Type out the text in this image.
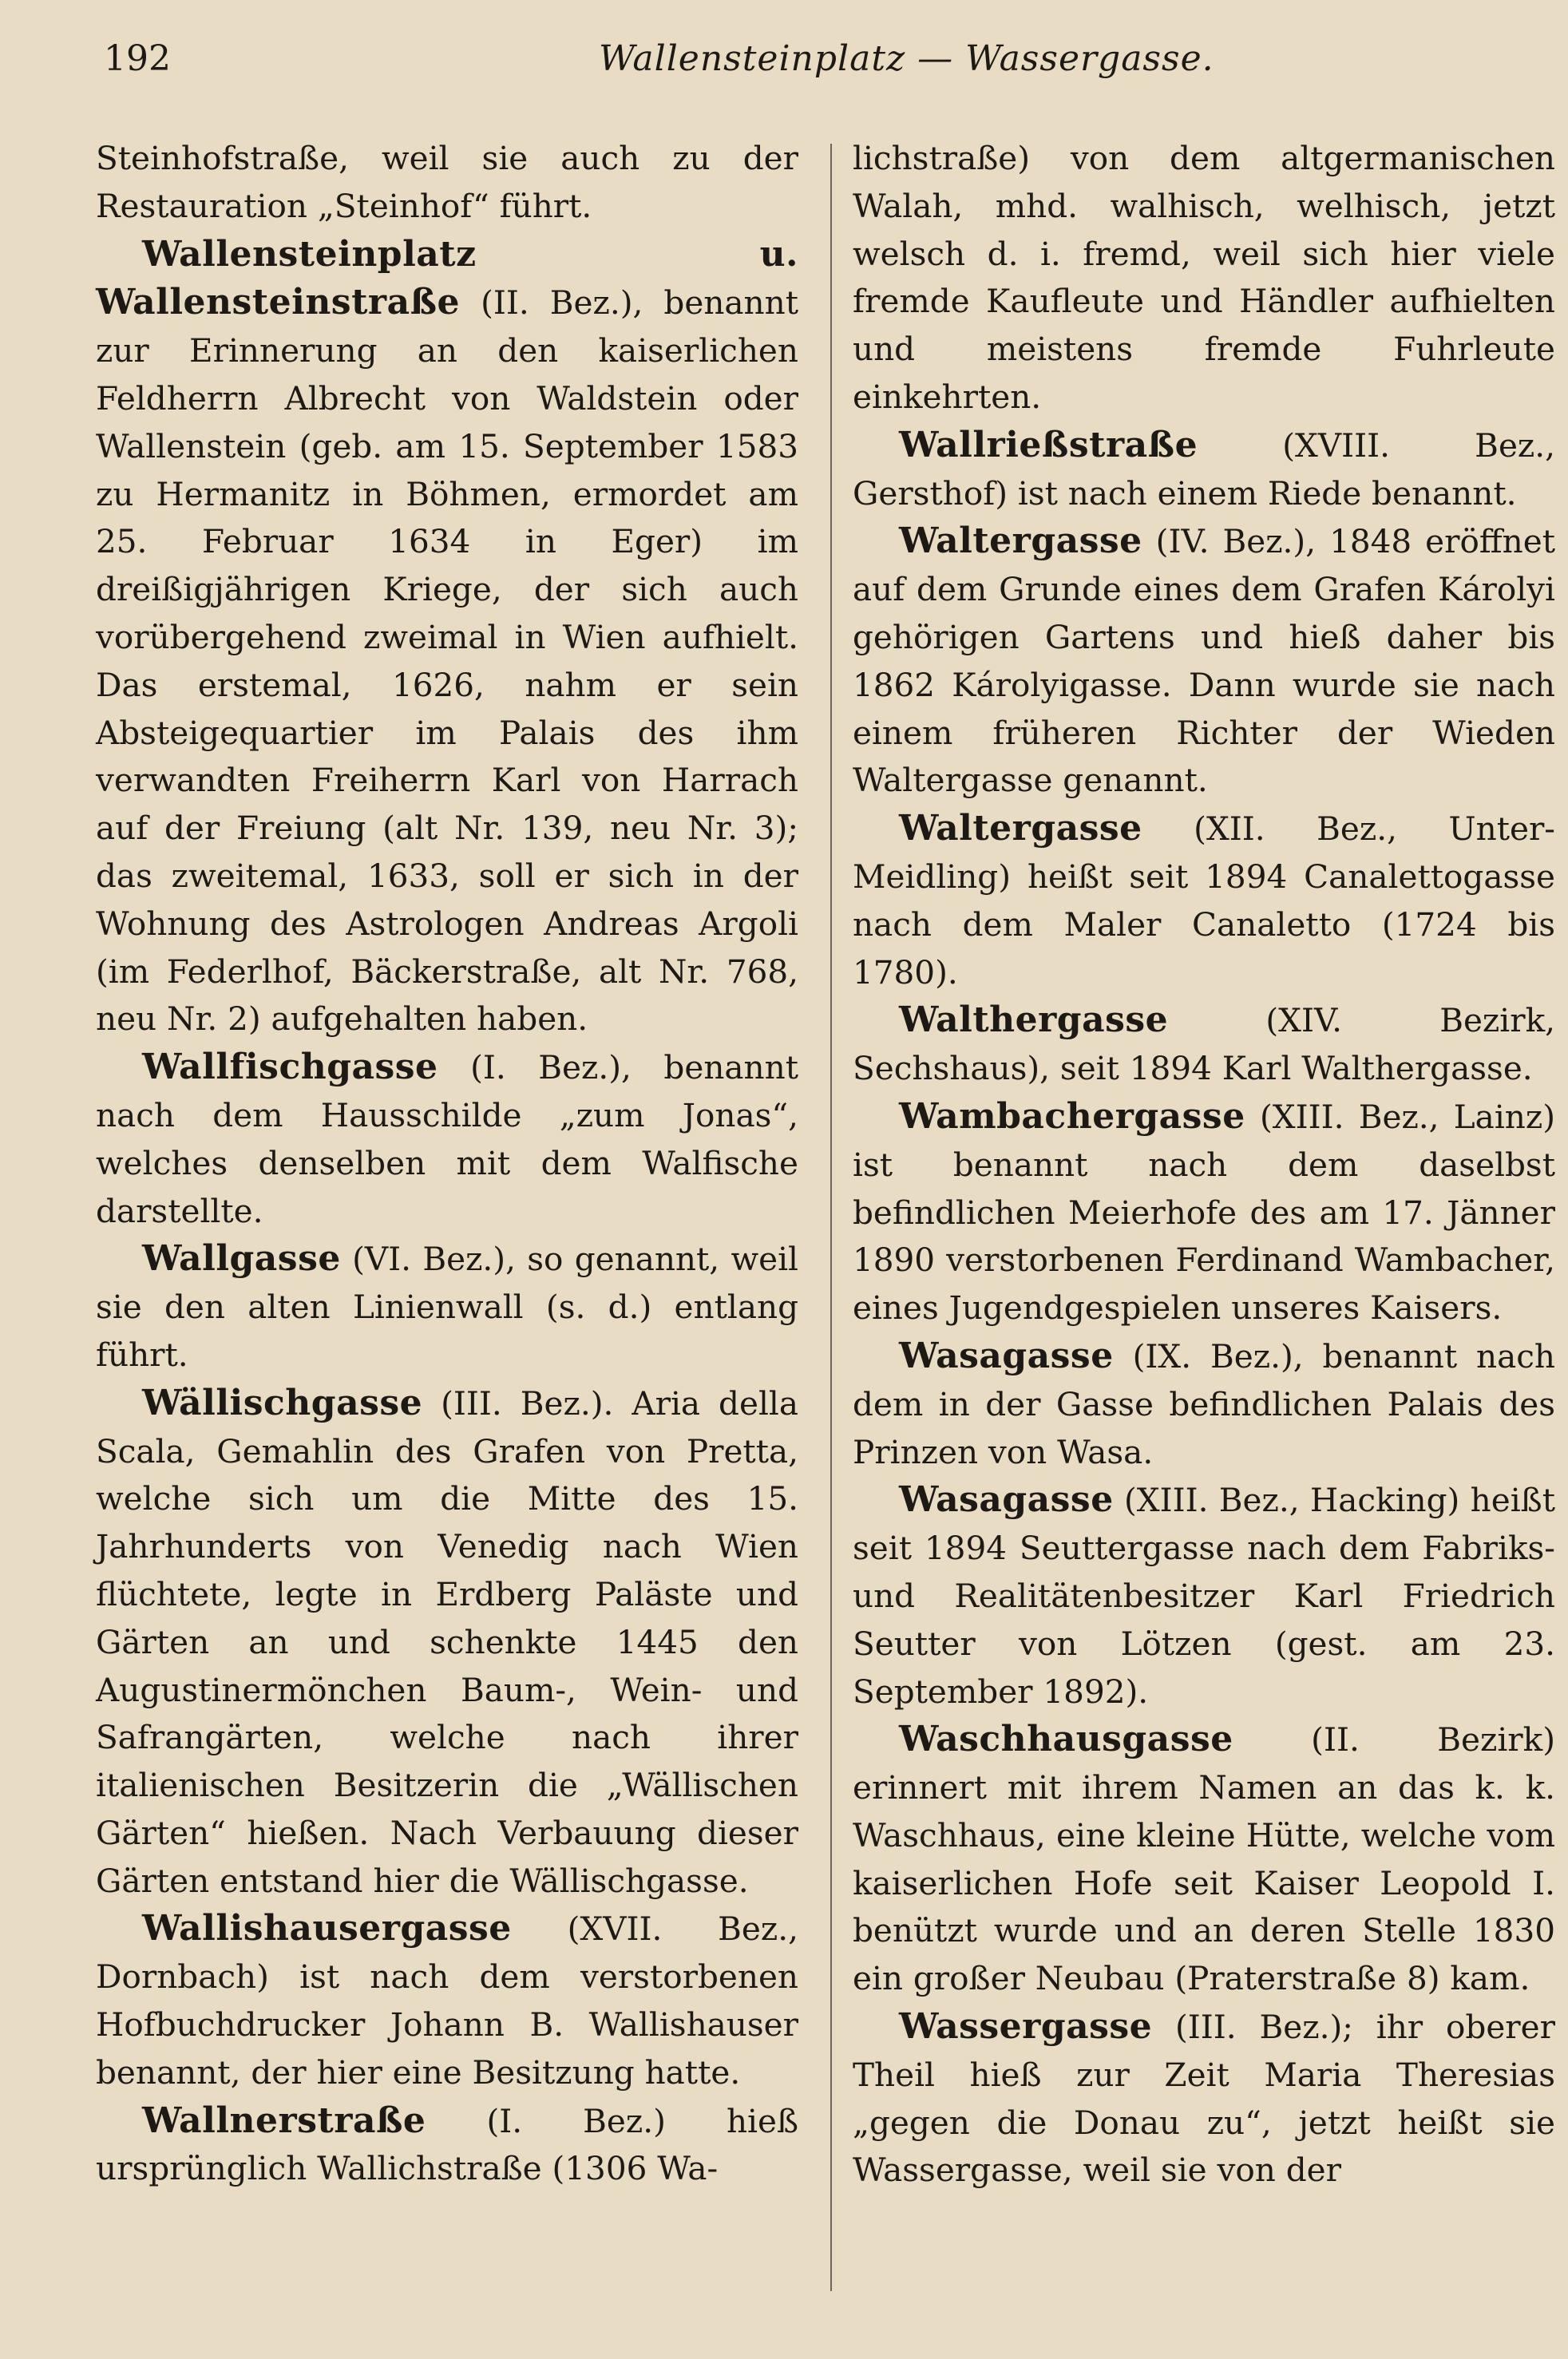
192	Wallensteinplatz — Wassergasse.

Steinhofstraße, weil sie auch zu der Restauration „Steinhof“ führt.

Wallensteinplatz u. Wallensteinstraße (II. Bez.), benannt zur Erinnerung an den kaiserlichen Feldherrn Albrecht von Waldstein oder Wallenstein (geb. am 15. September 1583 zu Hermanitz in Böhmen, ermordet am 25. Februar 1634 in Eger) im dreißigjährigen Kriege, der sich auch vorübergehend zweimal in Wien aufhielt. Das erstemal, 1626, nahm er sein Absteigequartier im Palais des ihm verwandten Freiherrn Karl von Harrach auf der Freiung (alt Nr. 139, neu Nr. 3); das zweitemal, 1633, soll er sich in der Wohnung des Astrologen Andreas Argoli (im Federlhof, Bäckerstraße, alt Nr. 768, neu Nr. 2) aufgehalten haben.

Wallfischgasse (I. Bez.), benannt nach dem Hausschilde „zum Jonas“, welches denselben mit dem Walfische darstellte.

Wallgasse (VI. Bez.), so genannt, weil sie den alten Linienwall (s. d.) entlang führt.

Wällischgasse (III. Bez.). Aria della Scala, Gemahlin des Grafen von Pretta, welche sich um die Mitte des 15. Jahrhunderts von Venedig nach Wien flüchtete, legte in Erdberg Paläste und Gärten an und schenkte 1445 den Augustinermönchen Baum-, Wein- und Safrangärten, welche nach ihrer italienischen Besitzerin die „Wällischen Gärten“ hießen. Nach Verbauung dieser Gärten entstand hier die Wällischgasse.

Wallishausergasse (XVII. Bez., Dornbach) ist nach dem verstorbenen Hofbuchdrucker Johann B. Wallishauser benannt, der hier eine Besitzung hatte.

Wallnerstraße (I. Bez.) hieß ursprünglich Wallichstraße (1306 Wa-

lichstraße) von dem altgermanischen Walah, mhd. walhisch, welhisch, jetzt welsch d. i. fremd, weil sich hier viele fremde Kaufleute und Händler aufhielten und meistens fremde Fuhrleute einkehrten.

Wallrießstraße (XVIII. Bez., Gersthof) ist nach einem Riede benannt.

Waltergasse (IV. Bez.), 1848 eröffnet auf dem Grunde eines dem Grafen Károlyi gehörigen Gartens und hieß daher bis 1862 Károlyigasse. Dann wurde sie nach einem früheren Richter der Wieden Waltergasse genannt.

Waltergasse (XII. Bez., Unter-Meidling) heißt seit 1894 Canalettogasse nach dem Maler Canaletto (1724 bis 1780).

Walthergasse (XIV. Bezirk, Sechshaus), seit 1894 Karl Walthergasse.

Wambachergasse (XIII. Bez., Lainz) ist benannt nach dem daselbst befindlichen Meierhofe des am 17. Jänner 1890 verstorbenen Ferdinand Wambacher, eines Jugendgespielen unseres Kaisers.

Wasagasse (IX. Bez.), benannt nach dem in der Gasse befindlichen Palais des Prinzen von Wasa.

Wasagasse (XIII. Bez., Hacking) heißt seit 1894 Seuttergasse nach dem Fabriks- und Realitätenbesitzer Karl Friedrich Seutter von Lötzen (gest. am 23. September 1892).

Waschhausgasse (II. Bezirk) erinnert mit ihrem Namen an das k. k. Waschhaus, eine kleine Hütte, welche vom kaiserlichen Hofe seit Kaiser Leopold I. benützt wurde und an deren Stelle 1830 ein großer Neubau (Praterstraße 8) kam.

Wassergasse (III. Bez.); ihr oberer Theil hieß zur Zeit Maria Theresias „gegen die Donau zu“, jetzt heißt sie Wassergasse, weil sie von der
